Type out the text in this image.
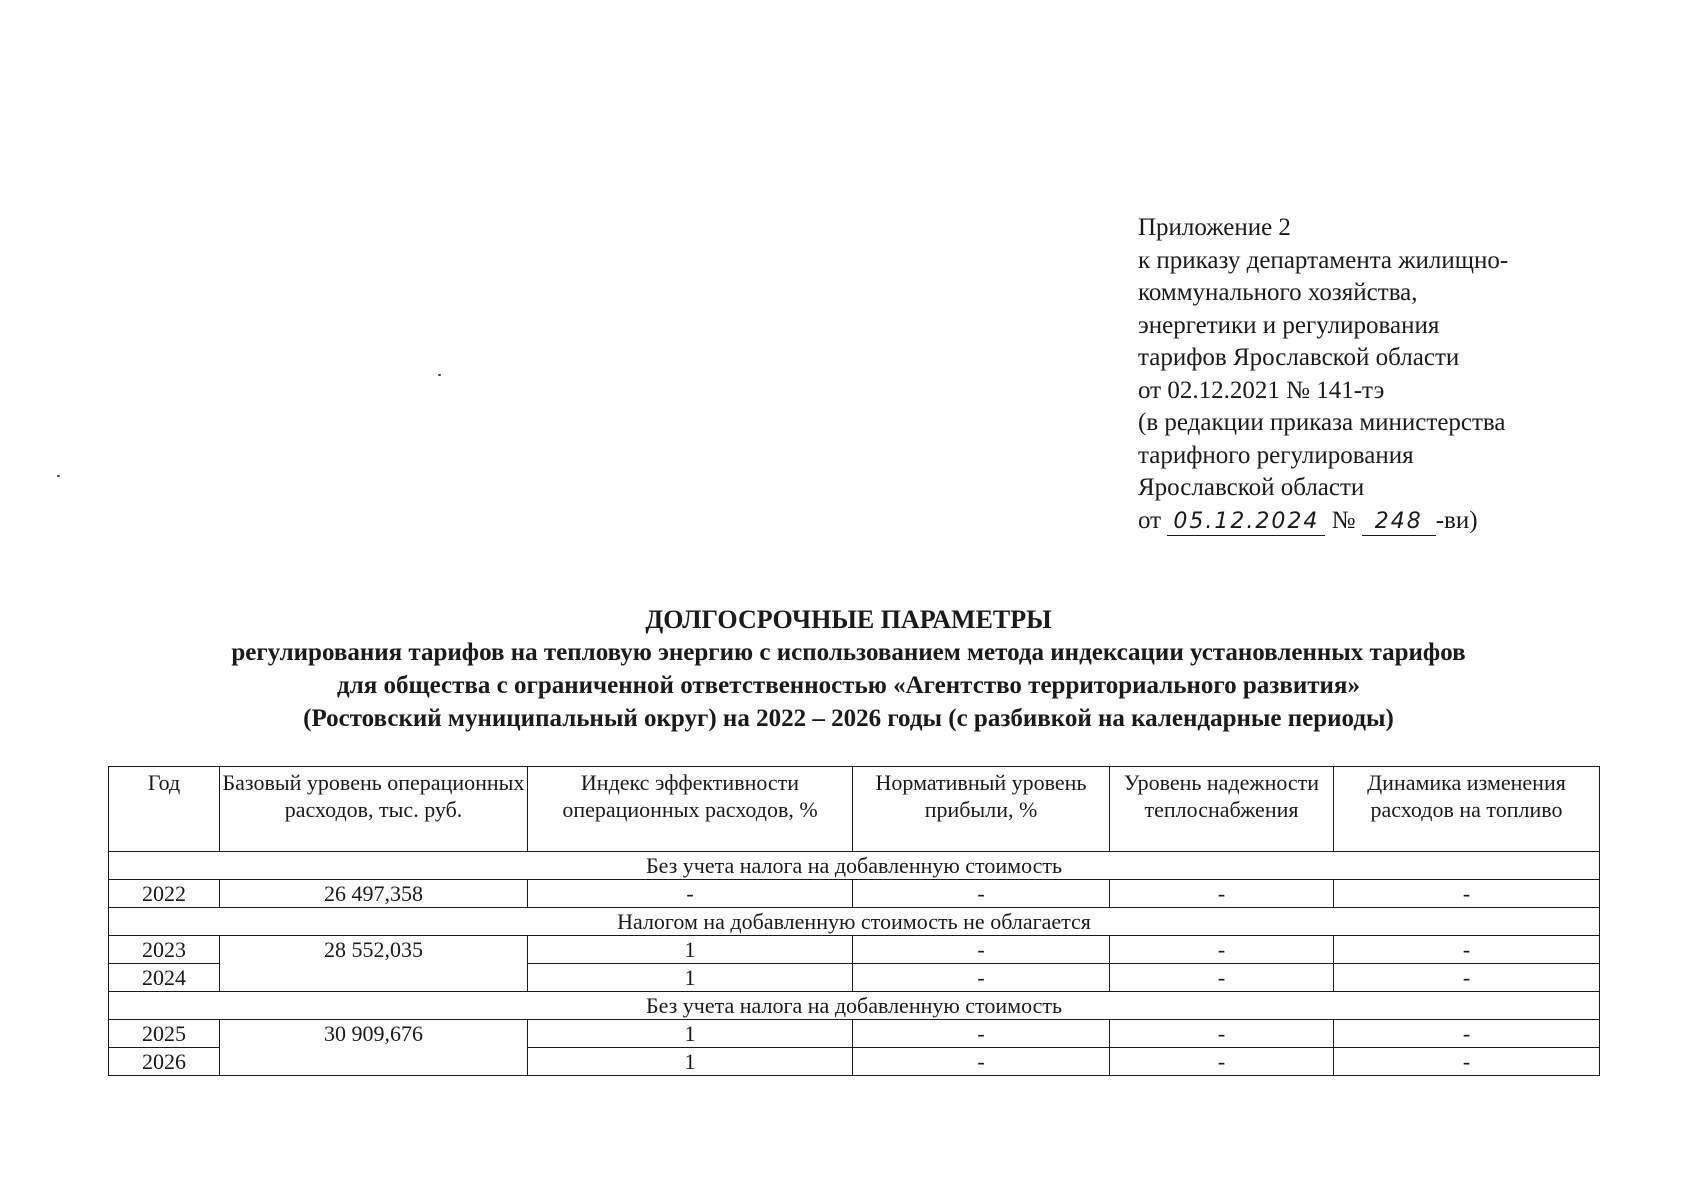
Приложение 2
к приказу департамента жилищно-
коммунального хозяйства,
энергетики и регулирования
тарифов Ярославской области
от 02.12.2021 № 141-тэ
(в редакции приказа министерства
тарифного регулирования
Ярославской области
от 05.12.2024 № 248 -ви)
ДОЛГОСРОЧНЫЕ ПАРАМЕТРЫ
регулирования тарифов на тепловую энергию с использованием метода индексации установленных тарифов
для общества с ограниченной ответственностью «Агентство территориального развития»
(Ростовский муниципальный округ) на 2022 – 2026 годы (с разбивкой на календарные периоды)
Год	Базовый уровень операционных расходов, тыс. руб.	Индекс эффективности операционных расходов, %	Нормативный уровень прибыли, %	Уровень надежности теплоснабжения	Динамика изменения расходов на топливо
Без учета налога на добавленную стоимость					
2022	26 497,358	-	-	-	-
Налогом на добавленную стоимость не облагается					
2023	28 552,035	1	-	-	-
2024		1	-	-	-
Без учета налога на добавленную стоимость					
2025	30 909,676	1	-	-	-
2026		1	-	-	-
